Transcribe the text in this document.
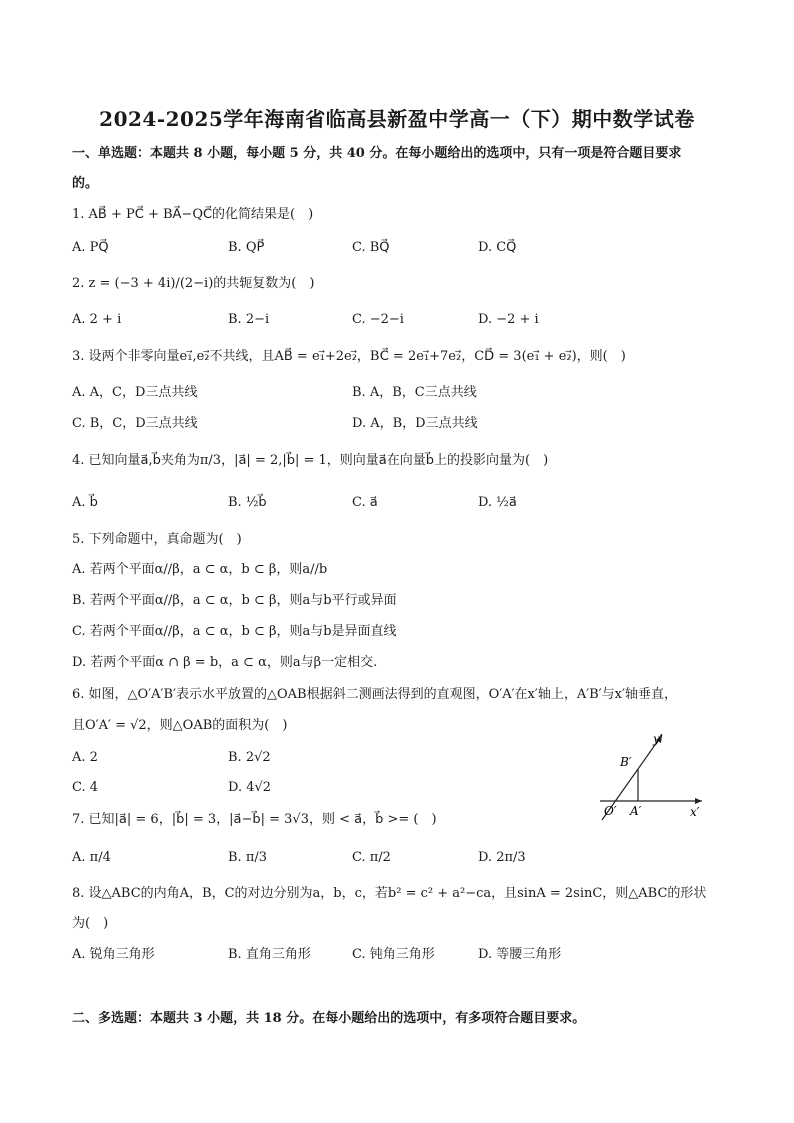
2024-2025学年海南省临高县新盈中学高一（下）期中数学试卷
一、单选题：本题共 8 小题，每小题 5 分，共 40 分。在每小题给出的选项中，只有一项是符合题目要求
的。
1. AB⃗ + PC⃗ + BA⃗−QC⃗的化简结果是(　)
A. PQ⃗	B. QP⃗	C. BQ⃗	D. CQ⃗
2. z = (−3 + 4i)/(2−i)的共轭复数为(　)
A. 2 + i	B. 2−i	C. −2−i	D. −2 + i
3. 设两个非零向量e₁⃗,e₂⃗不共线，且AB⃗ = e₁⃗+2e₂⃗，BC⃗ = 2e₁⃗+7e₂⃗，CD⃗ = 3(e₁⃗ + e₂⃗)，则(　)
A. A，C，D三点共线	B. A，B，C三点共线
C. B，C，D三点共线	D. A，B，D三点共线
4. 已知向量a⃗,b⃗夹角为π/3，|a⃗| = 2,|b⃗| = 1，则向量a⃗在向量b⃗上的投影向量为(　)
A. b⃗	B. ½b⃗	C. a⃗	D. ½a⃗
5. 下列命题中，真命题为(　)
A. 若两个平面α//β，a ⊂ α，b ⊂ β，则a//b
B. 若两个平面α//β，a ⊂ α，b ⊂ β，则a与b平行或异面
C. 若两个平面α//β，a ⊂ α，b ⊂ β，则a与b是异面直线
D. 若两个平面α ∩ β = b，a ⊂ α，则a与β一定相交.
6. 如图，△O′A′B′表示水平放置的△OAB根据斜二测画法得到的直观图，O′A′在x′轴上，A′B′与x′轴垂直，
且O′A′ = √2，则△OAB的面积为(　)
A. 2	B. 2√2
C. 4	D. 4√2
y′
x′
B′
O′ A′
7. 已知|a⃗| = 6，|b⃗| = 3，|a⃗−b⃗| = 3√3，则 < a⃗，b⃗ >= (　)
A. π/4	B. π/3	C. π/2	D. 2π/3
8. 设△ABC的内角A，B，C的对边分别为a，b，c，若b² = c² + a²−ca，且sinA = 2sinC，则△ABC的形状
为(　)
A. 锐角三角形	B. 直角三角形	C. 钝角三角形	D. 等腰三角形
二、多选题：本题共 3 小题，共 18 分。在每小题给出的选项中，有多项符合题目要求。
